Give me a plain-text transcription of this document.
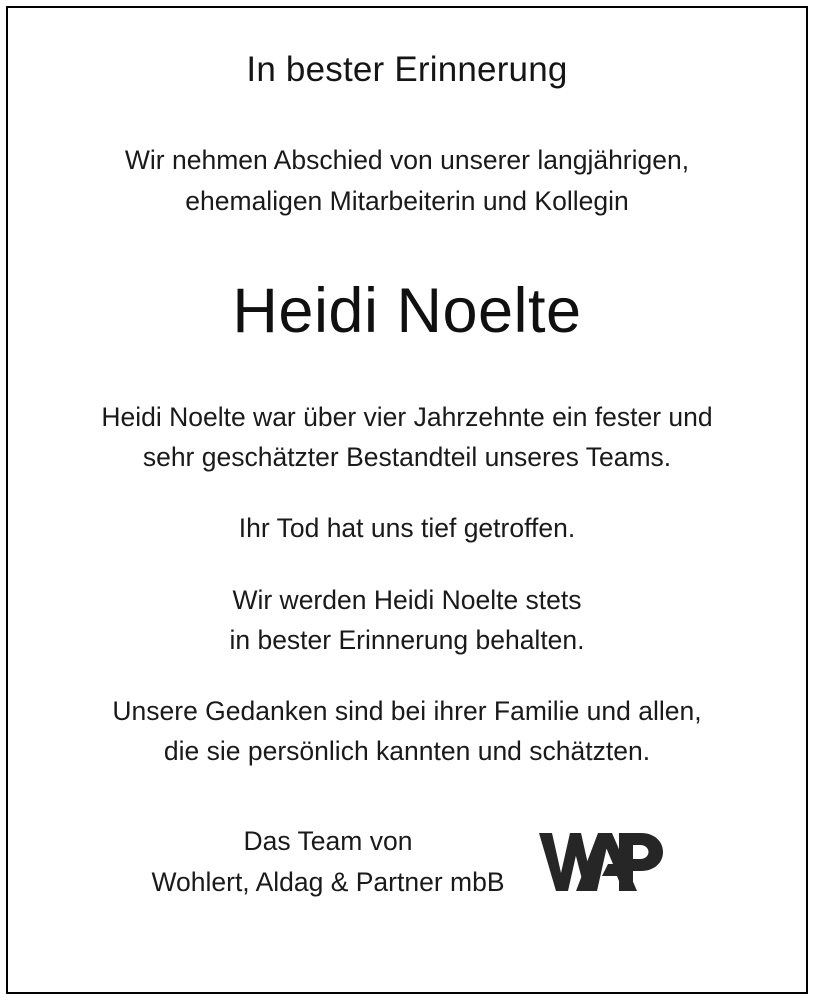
In bester Erinnerung

Wir nehmen Abschied von unserer langjährigen,
ehemaligen Mitarbeiterin und Kollegin

Heidi Noelte

Heidi Noelte war über vier Jahrzehnte ein fester und
sehr geschätzter Bestandteil unseres Teams.

Ihr Tod hat uns tief getroffen.

Wir werden Heidi Noelte stets
in bester Erinnerung behalten.

Unsere Gedanken sind bei ihrer Familie und allen,
die sie persönlich kannten und schätzten.

Das Team von
Wohlert, Aldag & Partner mbB
